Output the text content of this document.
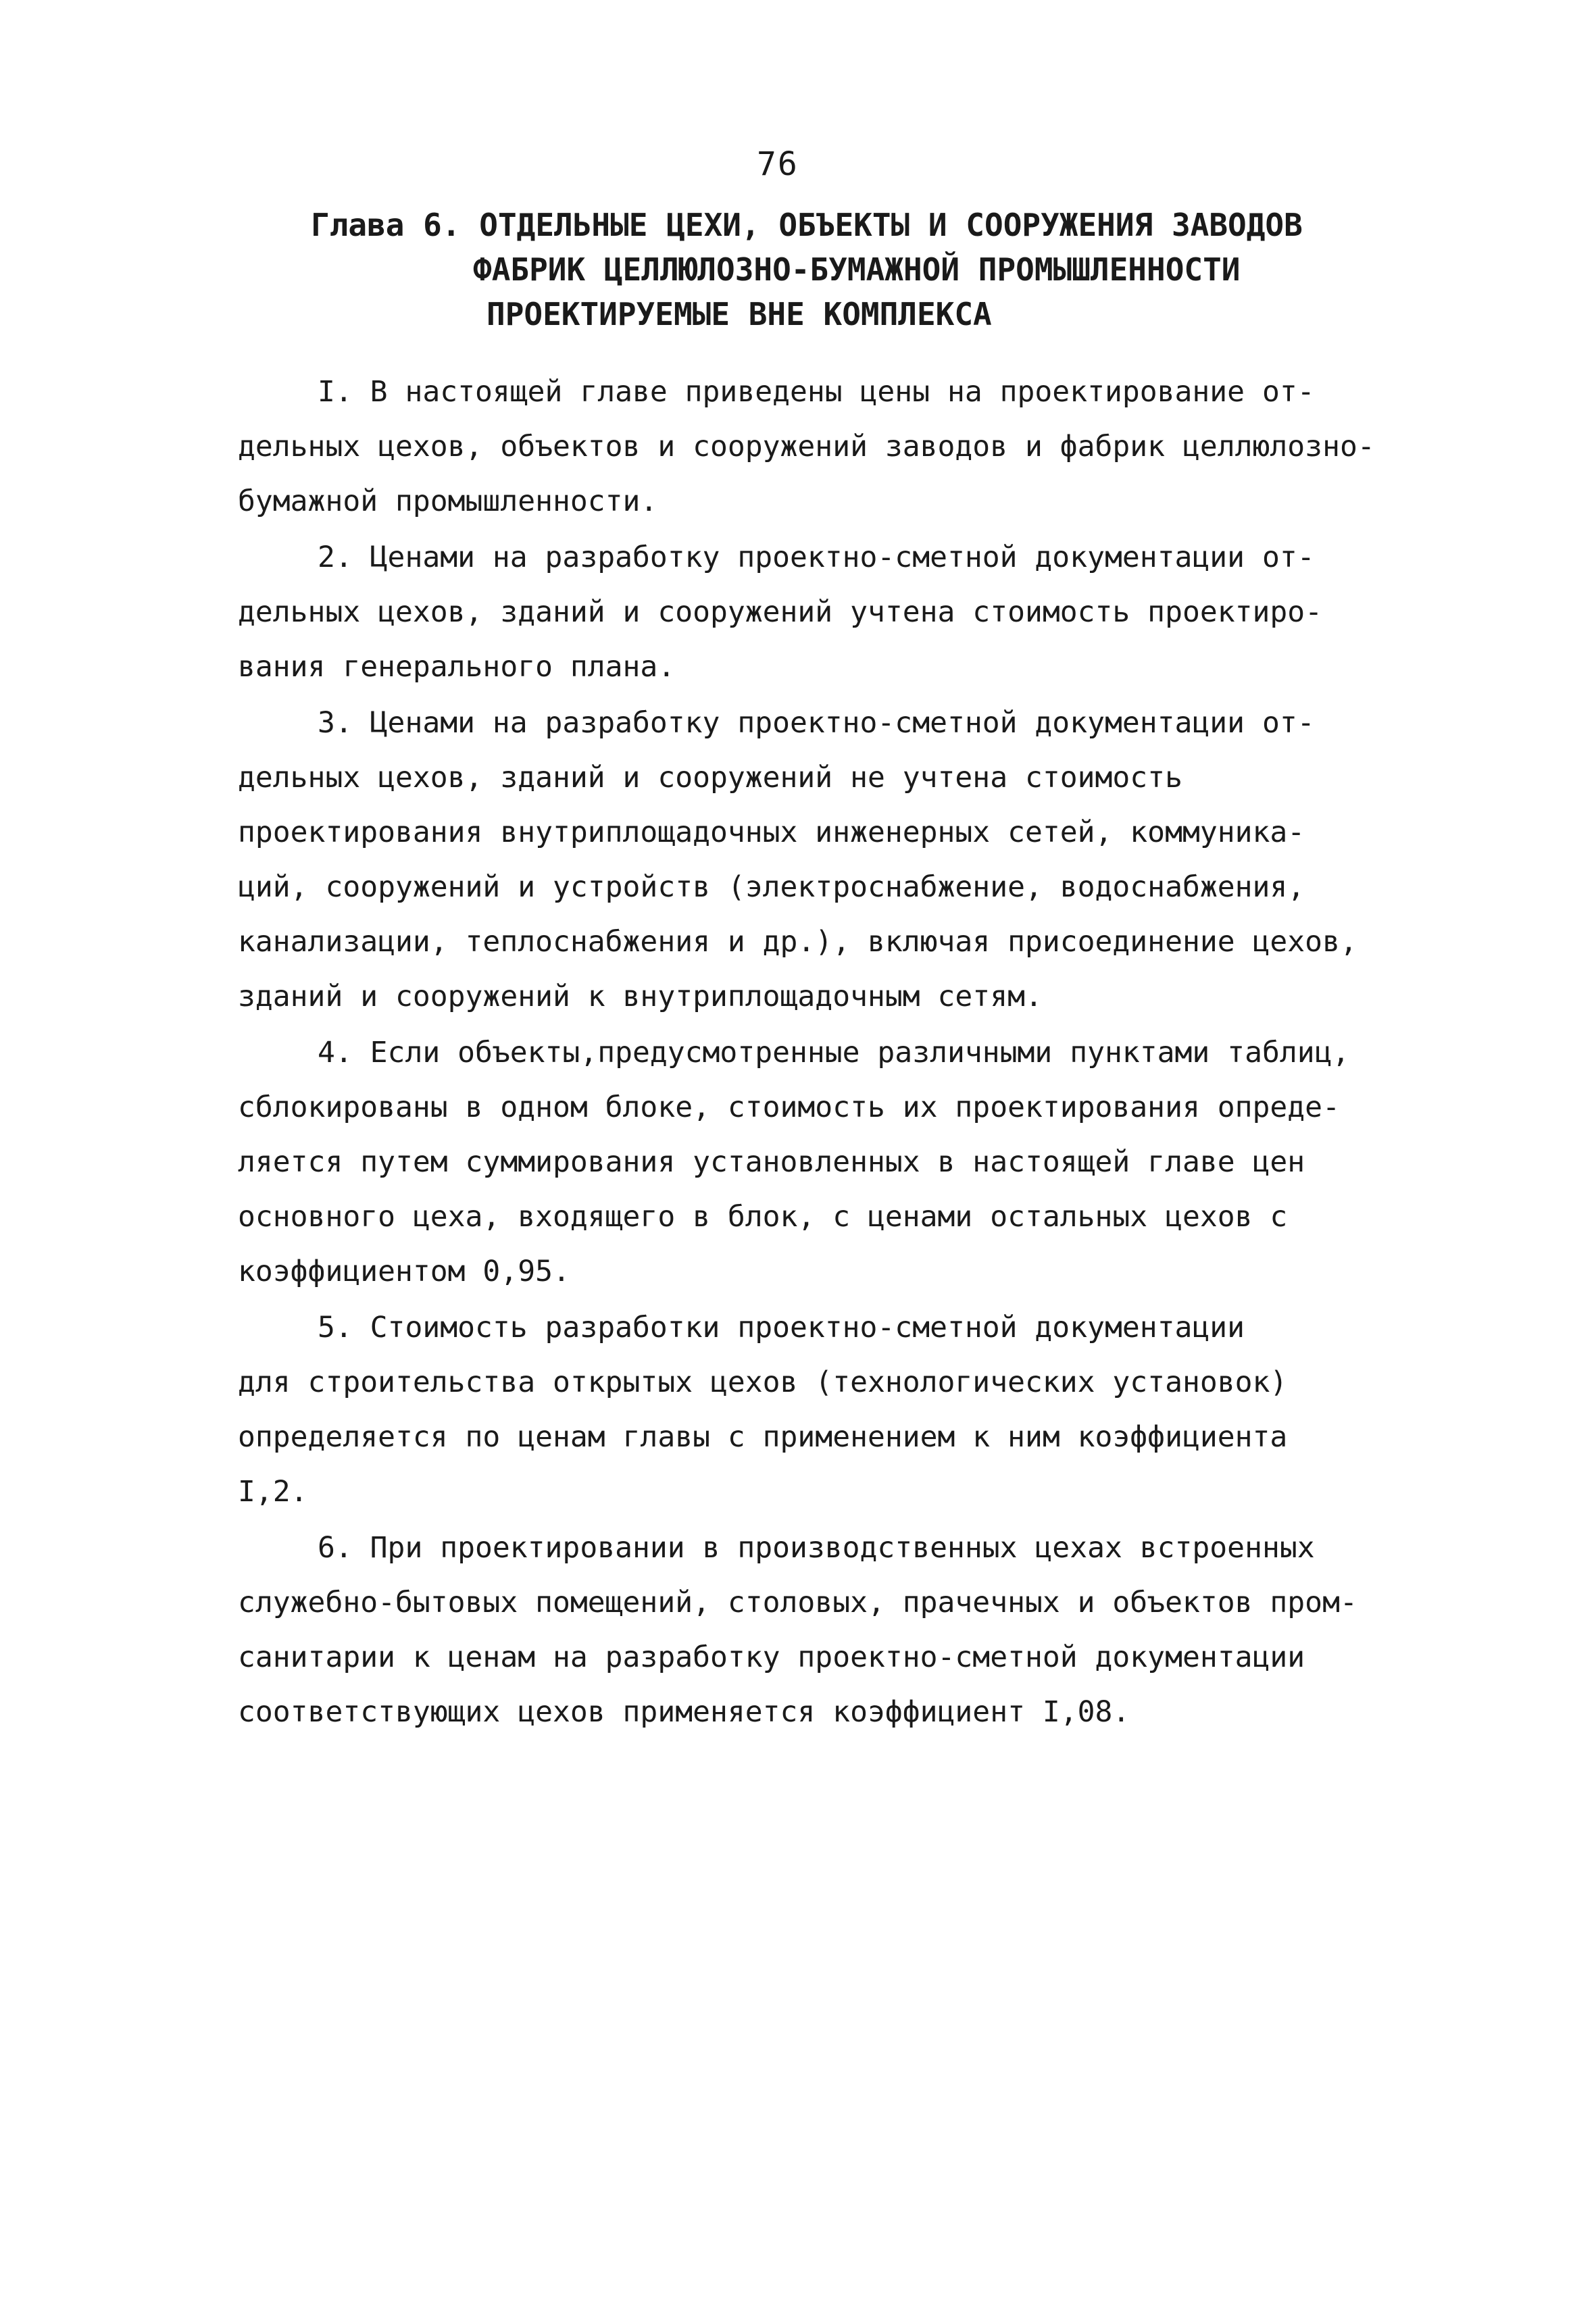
76
Глава 6. ОТДЕЛЬНЫЕ ЦЕХИ, ОБЪЕКТЫ И СООРУЖЕНИЯ ЗАВОДОВ
ФАБРИК ЦЕЛЛЮЛОЗНО-БУМАЖНОЙ ПРОМЫШЛЕННОСТИ
ПРОЕКТИРУЕМЫЕ ВНЕ КОМПЛЕКСА
I. В настоящей главе приведены цены на проектирование от-
дельных цехов, объектов и сооружений заводов и фабрик целлюлозно-
бумажной промышленности.
2. Ценами на разработку проектно-сметной документации от-
дельных цехов, зданий и сооружений учтена стоимость проектиро-
вания генерального плана.
3. Ценами на разработку проектно-сметной документации от-
дельных цехов, зданий и сооружений не учтена стоимость
проектирования внутриплощадочных инженерных сетей, коммуника-
ций, сооружений и устройств (электроснабжение, водоснабжения,
канализации, теплоснабжения и др.), включая присоединение цехов,
зданий и сооружений к внутриплощадочным сетям.
4. Если объекты,предусмотренные различными пунктами таблиц,
сблокированы в одном блоке, стоимость их проектирования опреде-
ляется путем суммирования установленных в настоящей главе цен
основного цеха, входящего в блок, с ценами остальных цехов с
коэффициентом 0,95.
5. Стоимость разработки проектно-сметной документации
для строительства открытых цехов (технологических установок)
определяется по ценам главы с применением к ним коэффициента
I,2.
6. При проектировании в производственных цехах встроенных
служебно-бытовых помещений, столовых, прачечных и объектов пром-
санитарии к ценам на разработку проектно-сметной документации
соответствующих цехов применяется коэффициент I,08.
